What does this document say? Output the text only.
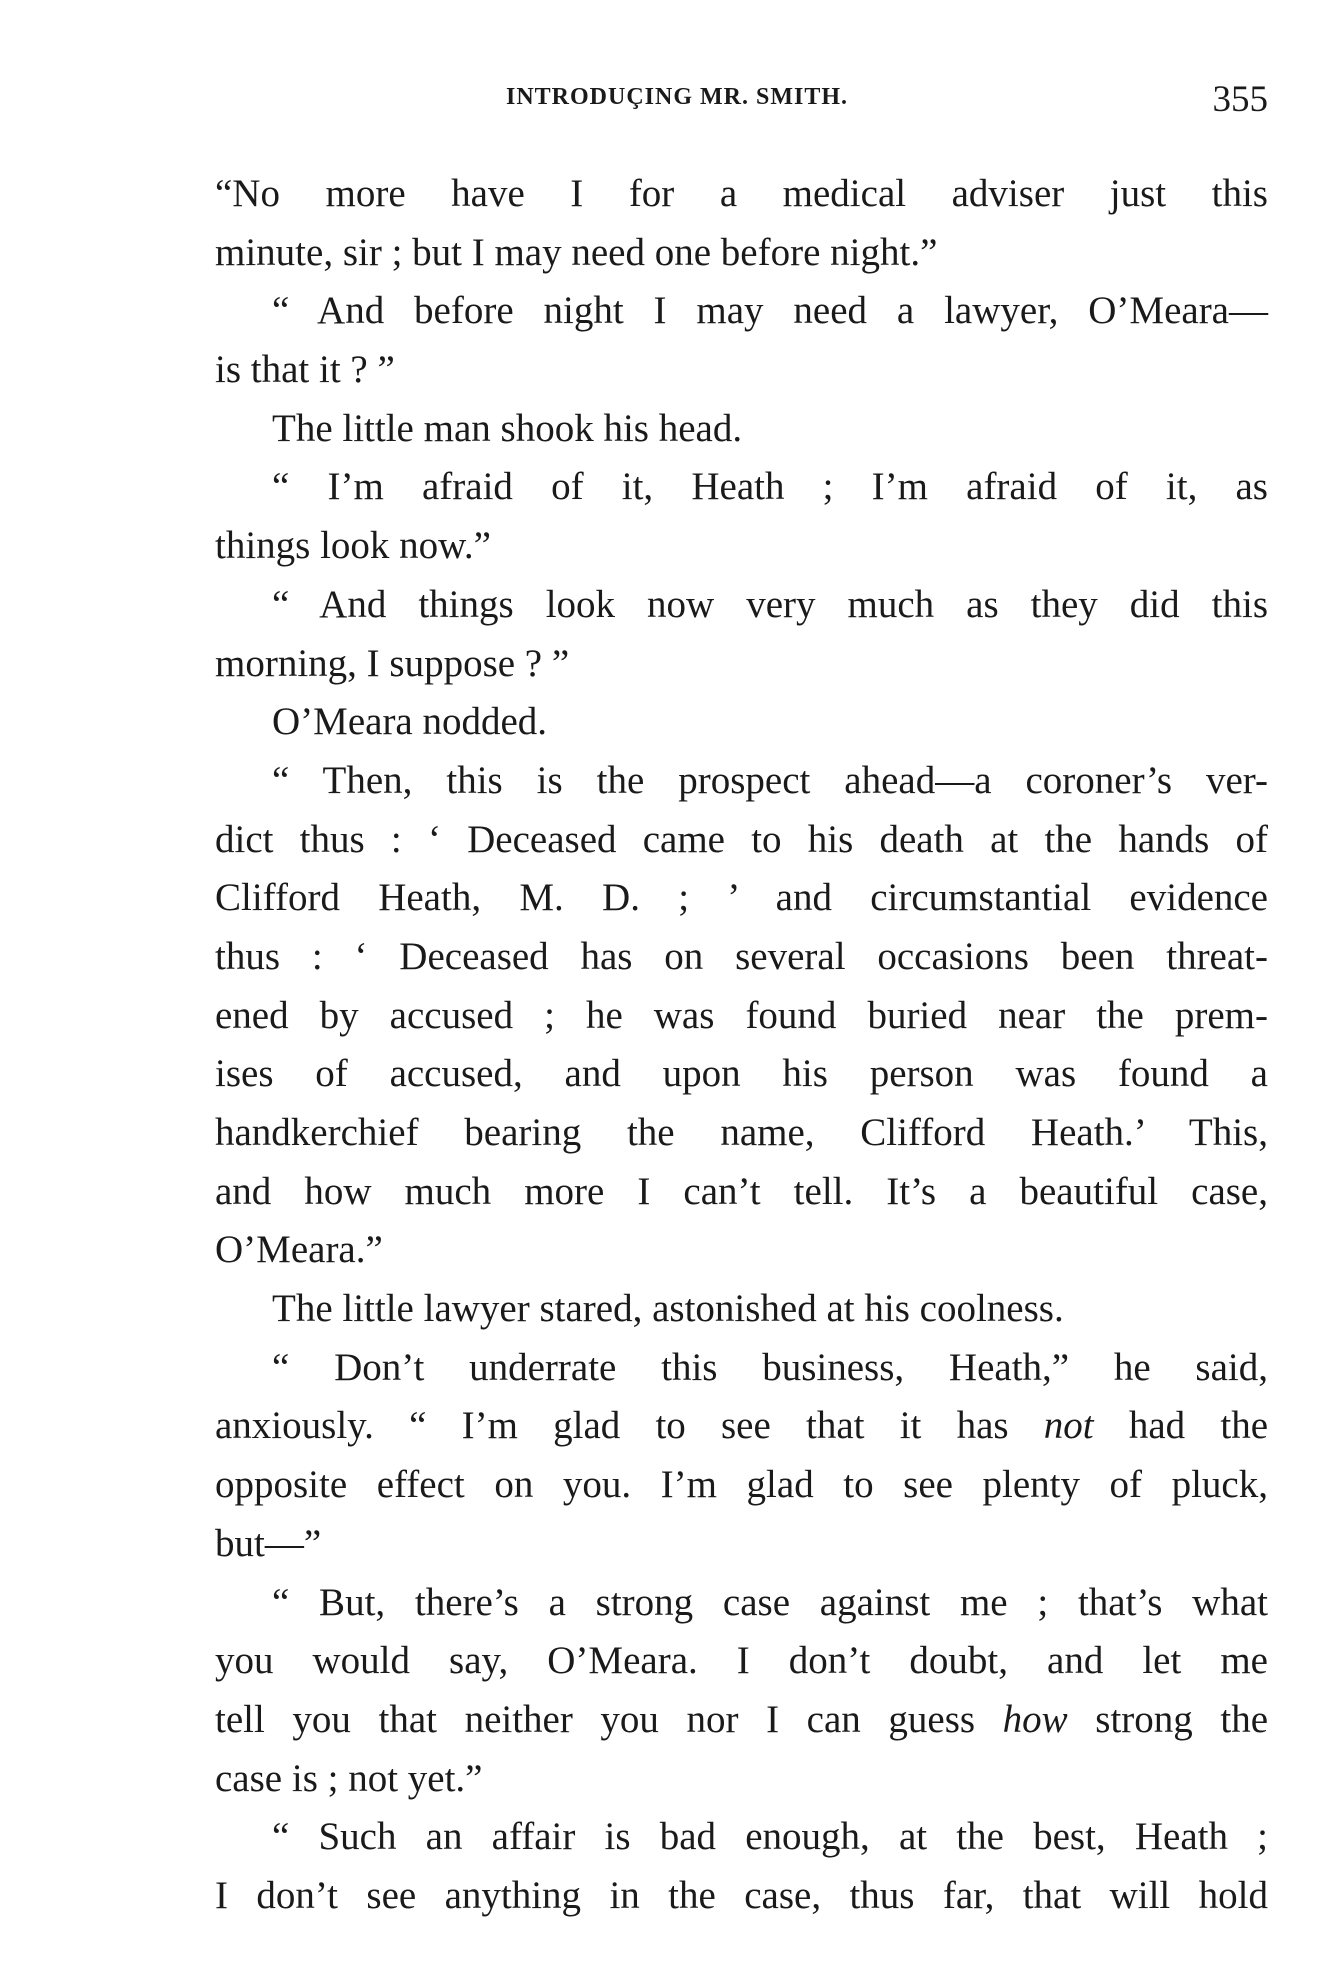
INTRODUÇING MR. SMITH.	355
“No more have I for a medical adviser just this
minute, sir ; but I may need one before night.”
“ And before night I may need a lawyer, O’Meara—
is that it ? ”
The little man shook his head.
“ I’m afraid of it, Heath ; I’m afraid of it, as
things look now.”
“ And things look now very much as they did this
morning, I suppose ? ”
O’Meara nodded.
“ Then, this is the prospect ahead—a coroner’s ver-
dict thus : ‘ Deceased came to his death at the hands of
Clifford Heath, M. D. ; ’ and circumstantial evidence
thus : ‘ Deceased has on several occasions been threat-
ened by accused ; he was found buried near the prem-
ises of accused, and upon his person was found a
handkerchief bearing the name, Clifford Heath.’ This,
and how much more I can’t tell. It’s a beautiful case,
O’Meara.”
The little lawyer stared, astonished at his coolness.
“ Don’t underrate this business, Heath,” he said,
anxiously. “ I’m glad to see that it has not had the
opposite effect on you. I’m glad to see plenty of pluck,
but—”
“ But, there’s a strong case against me ; that’s what
you would say, O’Meara. I don’t doubt, and let me
tell you that neither you nor I can guess how strong the
case is ; not yet.”
“ Such an affair is bad enough, at the best, Heath ;
I don’t see anything in the case, thus far, that will hold
